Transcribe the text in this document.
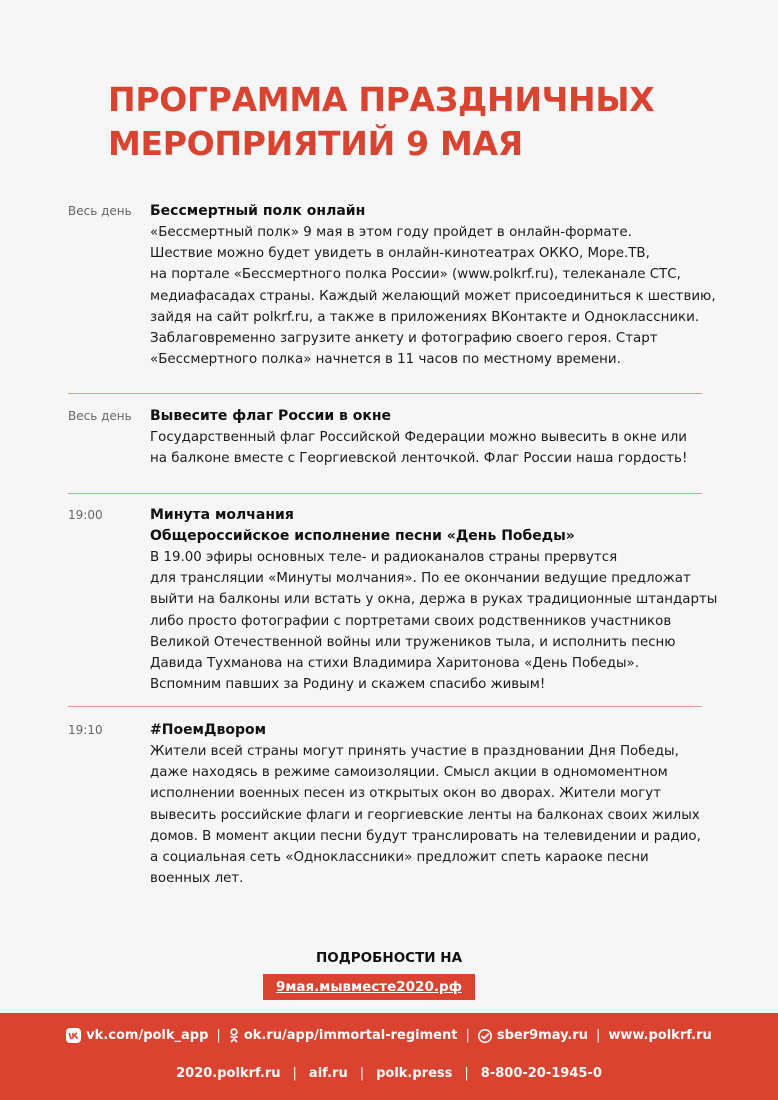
ПРОГРАММА ПРАЗДНИЧНЫХ
МЕРОПРИЯТИЙ 9 МАЯ
Весь день Бессмертный полк онлайн
«Бессмертный полк» 9 мая в этом году пройдет в онлайн-формате.
Шествие можно будет увидеть в онлайн-кинотеатрах ОККО, Море.ТВ,
на портале «Бессмертного полка России» (www.polkrf.ru), телеканале СТС,
медиафасадах страны. Каждый желающий может присоединиться к шествию,
зайдя на сайт polkrf.ru, а также в приложениях ВКонтакте и Одноклассники.
Заблаговременно загрузите анкету и фотографию своего героя. Старт
«Бессмертного полка» начнется в 11 часов по местному времени.
Весь день Вывесите флаг России в окне
Государственный флаг Российской Федерации можно вывесить в окне или
на балконе вместе с Георгиевской ленточкой. Флаг России наша гордость!
19:00	Минута молчания
Общероссийское исполнение песни «День Победы»
В 19.00 эфиры основных теле- и радиоканалов страны прервутся
для трансляции «Минуты молчания». По ее окончании ведущие предложат
выйти на балконы или встать у окна, держа в руках традиционные штандарты
либо просто фотографии с портретами своих родственников участников
Великой Отечественной войны или тружеников тыла, и исполнить песню
Давида Тухманова на стихи Владимира Харитонова «День Победы».
Вспомним павших за Родину и скажем спасибо живым!
19:10	#ПоемДвором
Жители всей страны могут принять участие в праздновании Дня Победы,
даже находясь в режиме самоизоляции. Смысл акции в одномоментном
исполнении военных песен из открытых окон во дворах. Жители могут
вывесить российские флаги и георгиевские ленты на балконах своих жилых
домов. В момент акции песни будут транслировать на телевидении и радио,
а социальная сеть «Одноклассники» предложит спеть караоке песни
военных лет.
ПОДРОБНОСТИ НА
9мая.мывместе2020.рф
vk.com/polk_app | ok.ru/app/immortal-regiment | sber9may.ru | www.polkrf.ru
2020.polkrf.ru | aif.ru | polk.press | 8-800-20-1945-0
